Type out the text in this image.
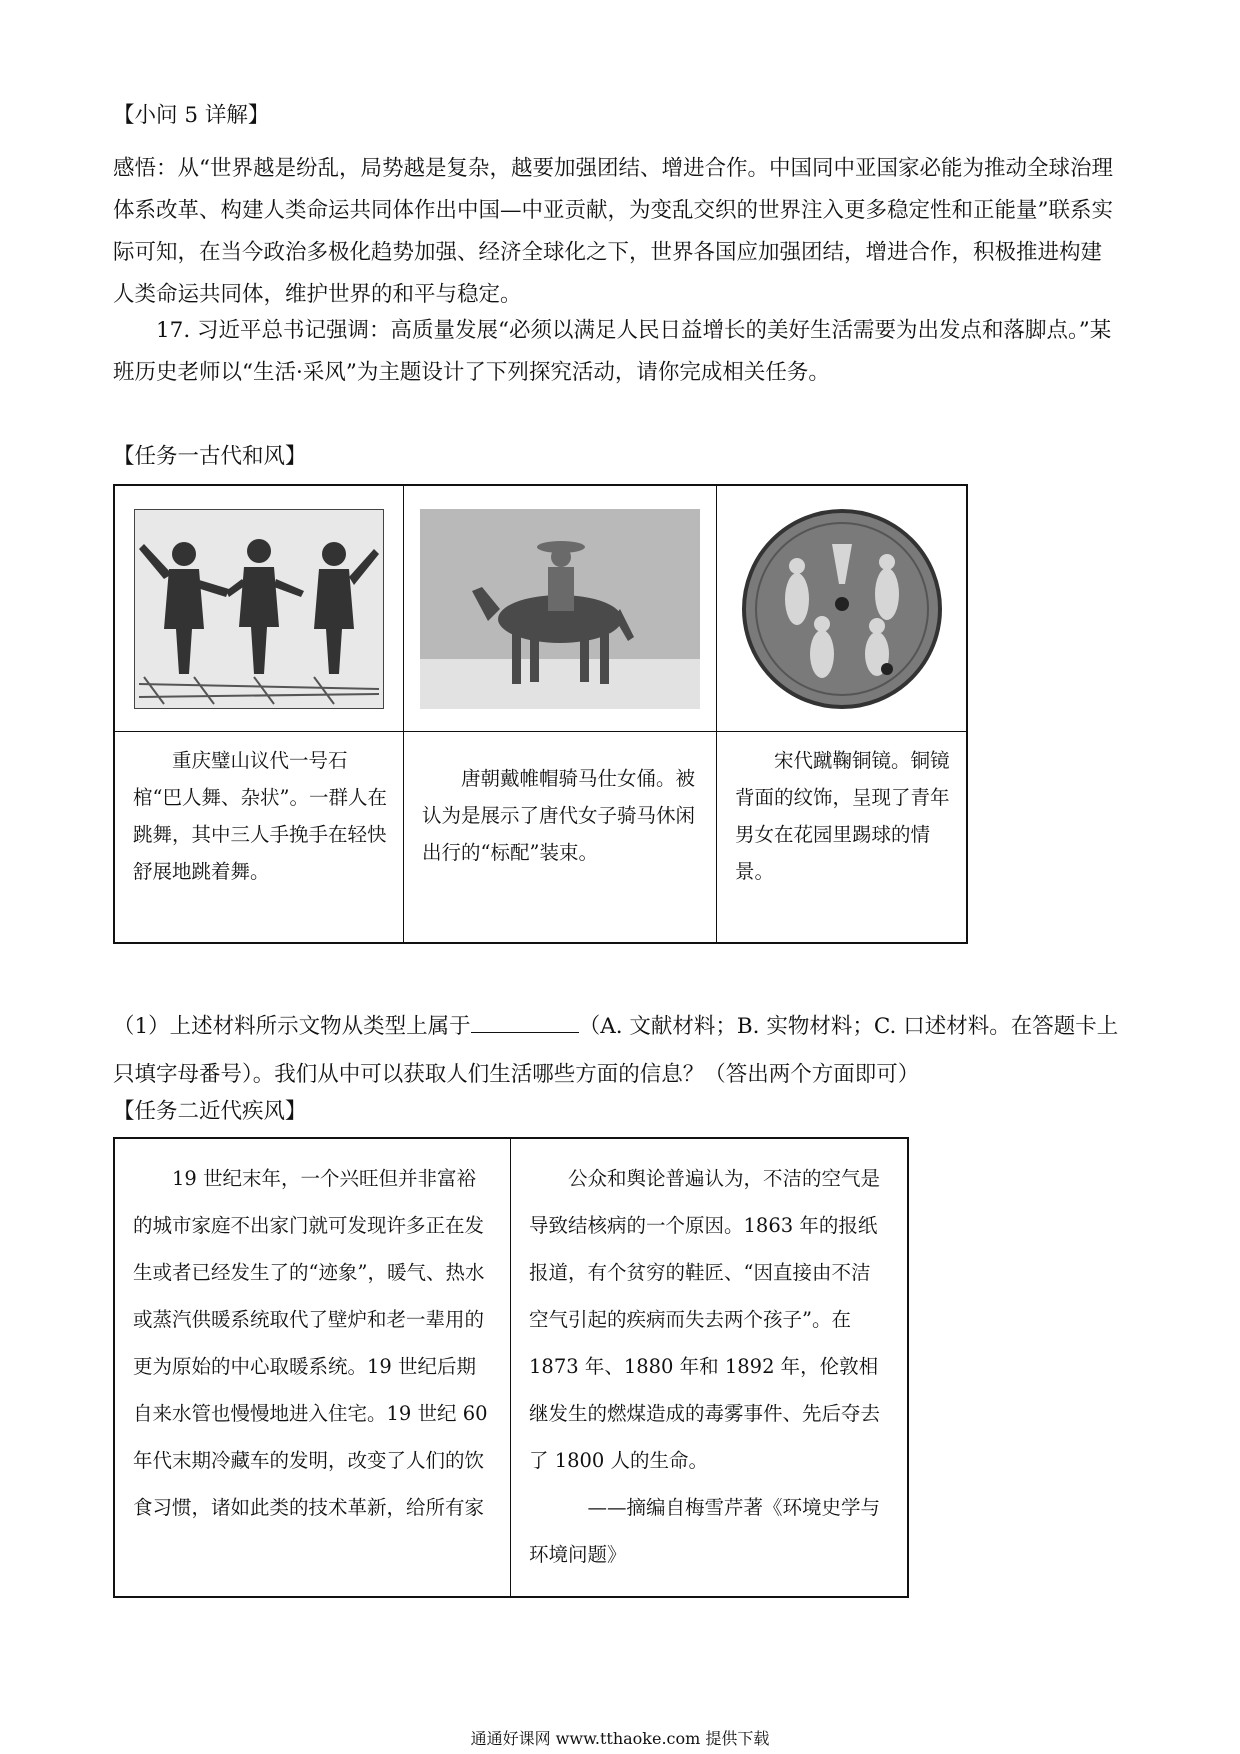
【小问 5 详解】

感悟：从“世界越是纷乱，局势越是复杂，越要加强团结、增进合作。中国同中亚国家必能为推动全球治理体系改革、构建人类命运共同体作出中国—中亚贡献，为变乱交织的世界注入更多稳定性和正能量”联系实际可知，在当今政治多极化趋势加强、经济全球化之下，世界各国应加强团结，增进合作，积极推进构建人类命运共同体，维护世界的和平与稳定。

17. 习近平总书记强调：高质量发展“必须以满足人民日益增长的美好生活需要为出发点和落脚点。”某班历史老师以“生活·采风”为主题设计了下列探究活动，请你完成相关任务。

【任务一古代和风】

重庆璧山议代一号石棺“巴人舞、杂状”。一群人在跳舞，其中三人手挽手在轻快舒展地跳着舞。

唐朝戴帷帽骑马仕女俑。被认为是展示了唐代女子骑马休闲出行的“标配”装束。

宋代蹴鞠铜镜。铜镜背面的纹饰，呈现了青年男女在花园里踢球的情景。

（1）上述材料所示文物从类型上属于	（A. 文献材料；B. 实物材料；C. 口述材料。在答题卡上只填字母番号）。我们从中可以获取人们生活哪些方面的信息？（答出两个方面即可）

【任务二近代疾风】

19 世纪末年，一个兴旺但并非富裕的城市家庭不出家门就可发现许多正在发生或者已经发生了的“迹象”，暖气、热水或蒸汽供暖系统取代了壁炉和老一辈用的更为原始的中心取暖系统。19 世纪后期自来水管也慢慢地进入住宅。19 世纪 60 年代末期冷藏车的发明，改变了人们的饮食习惯，诸如此类的技术革新，给所有家

公众和舆论普遍认为，不洁的空气是导致结核病的一个原因。1863 年的报纸报道，有个贫穷的鞋匠、“因直接由不洁空气引起的疾病而失去两个孩子”。在 1873 年、1880 年和 1892 年，伦敦相继发生的燃煤造成的毒雾事件、先后夺去了 1800 人的生命。

——摘编自梅雪芹著《环境史学与环境问题》

通通好课网 www.tthaoke.com 提供下载
